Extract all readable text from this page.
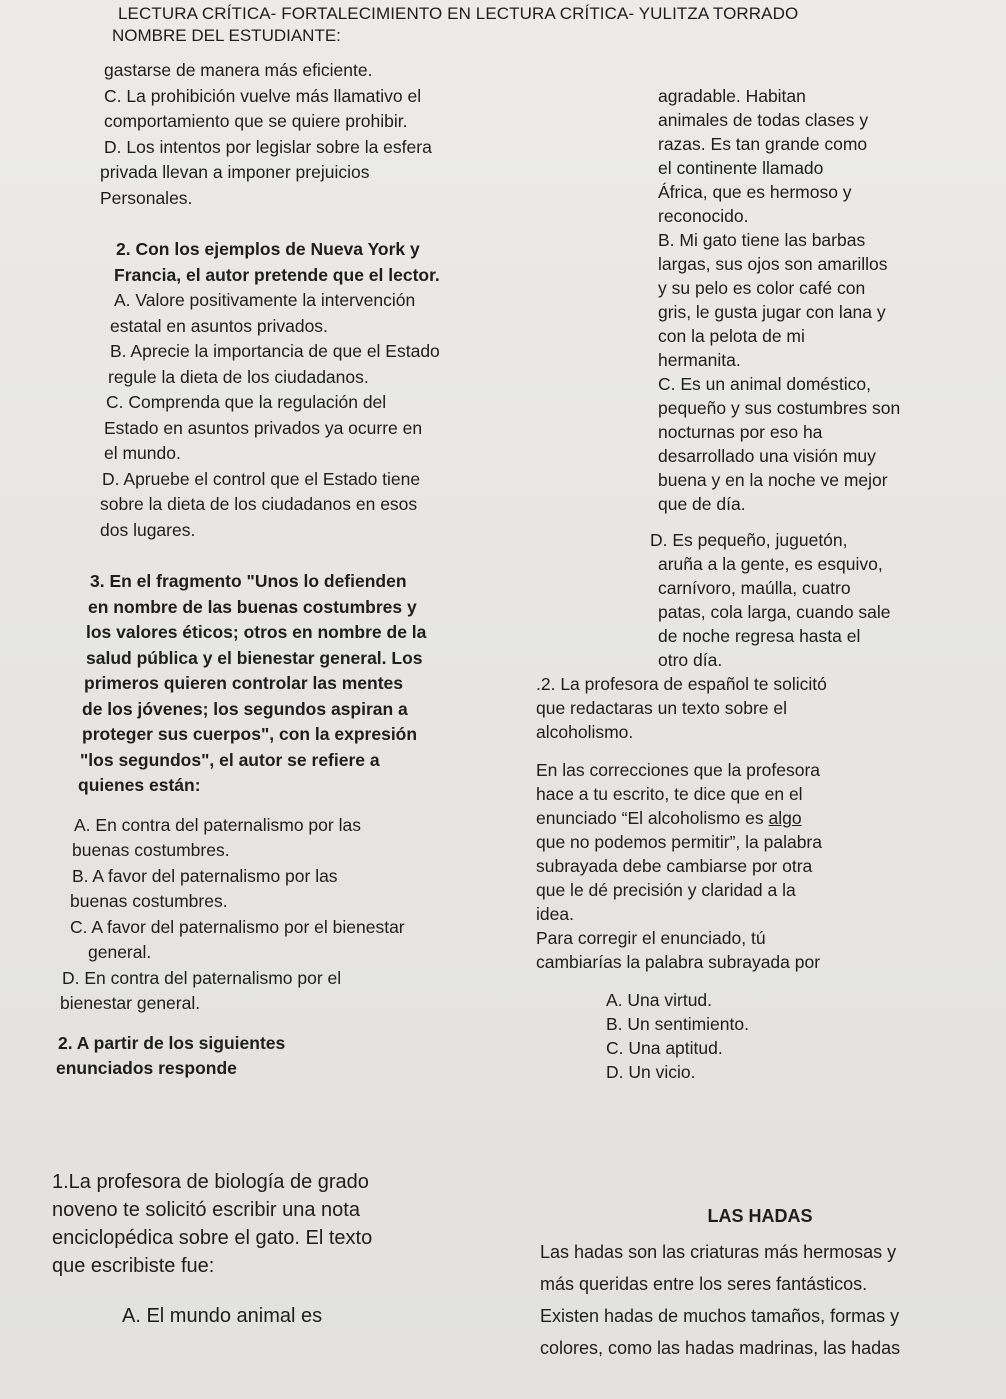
LECTURA CRÍTICA- FORTALECIMIENTO EN LECTURA CRÍTICA- YULITZA TORRADO
NOMBRE DEL ESTUDIANTE:

gastarse de manera más eficiente.

C. La prohibición vuelve más llamativo el

comportamiento que se quiere prohibir.

D. Los intentos por legislar sobre la esfera

privada llevan a imponer prejuicios

Personales.

2. Con los ejemplos de Nueva York y

Francia, el autor pretende que el lector.

A. Valore positivamente la intervención

estatal en asuntos privados.

B. Aprecie la importancia de que el Estado

regule la dieta de los ciudadanos.

C. Comprenda que la regulación del

Estado en asuntos privados ya ocurre en

el mundo.

D. Apruebe el control que el Estado tiene

sobre la dieta de los ciudadanos en esos

dos lugares.

3. En el fragmento "Unos lo defienden

en nombre de las buenas costumbres y

los valores éticos; otros en nombre de la

salud pública y el bienestar general. Los

primeros quieren controlar las mentes

de los jóvenes; los segundos aspiran a

proteger sus cuerpos", con la expresión

"los segundos", el autor se refiere a

quienes están:

A. En contra del paternalismo por las

buenas costumbres.

B. A favor del paternalismo por las

buenas costumbres.

C. A favor del paternalismo por el bienestar

general.

D. En contra del paternalismo por el

bienestar general.

2. A partir de los siguientes

enunciados responde

1.La profesora de biología de grado

noveno te solicitó escribir una nota

enciclopédica sobre el gato. El texto

que escribiste fue:

A. El mundo animal es

agradable. Habitan

animales de todas clases y

razas. Es tan grande como

el continente llamado

África, que es hermoso y

reconocido.

B. Mi gato tiene las barbas

largas, sus ojos son amarillos

y su pelo es color café con

gris, le gusta jugar con lana y

con la pelota de mi

hermanita.

C. Es un animal doméstico,

pequeño y sus costumbres son

nocturnas por eso ha

desarrollado una visión muy

buena y en la noche ve mejor

que de día.

D. Es pequeño, juguetón,

aruña a la gente, es esquivo,

carnívoro, maúlla, cuatro

patas, cola larga, cuando sale

de noche regresa hasta el

otro día.

.2. La profesora de español te solicitó

que redactaras un texto sobre el

alcoholismo.

En las correcciones que la profesora

hace a tu escrito, te dice que en el

enunciado “El alcoholismo es algo

que no podemos permitir”, la palabra

subrayada debe cambiarse por otra

que le dé precisión y claridad a la

idea.

Para corregir el enunciado, tú

cambiarías la palabra subrayada por

A. Una virtud.

B. Un sentimiento.

C. Una aptitud.

D. Un vicio.

LAS HADAS

Las hadas son las criaturas más hermosas y

más queridas entre los seres fantásticos.

Existen hadas de muchos tamaños, formas y

colores, como las hadas madrinas, las hadas
